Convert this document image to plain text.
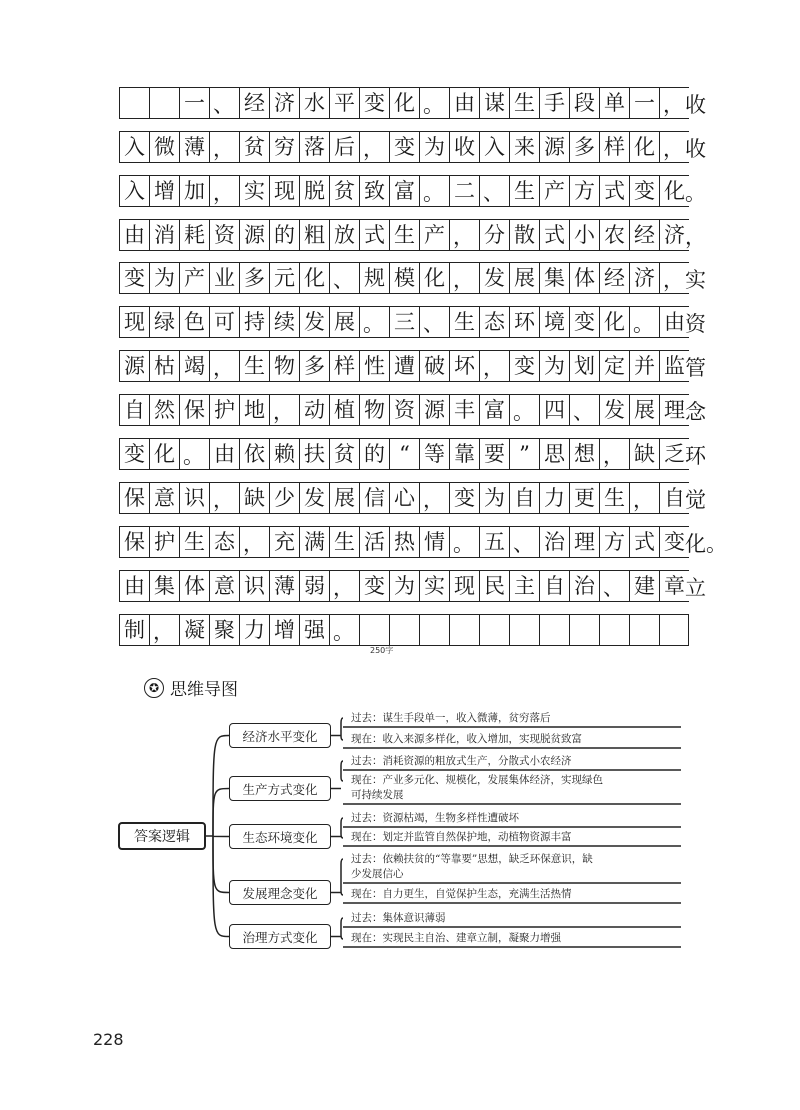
一 、 经 济 水 平 变 化 。 由 谋 生 手 段 单 一 ， 收
入 微 薄 ， 贫 穷 落 后 ， 变 为 收 入 来 源 多 样 化 ， 收
入 增 加 ， 实 现 脱 贫 致 富 。 二 、 生 产 方 式 变 化 。
由 消 耗 资 源 的 粗 放 式 生 产 ， 分 散 式 小 农 经 济 ，
变 为 产 业 多 元 化 、 规 模 化 ， 发 展 集 体 经 济 ， 实
现 绿 色 可 持 续 发 展 。 三 、 生 态 环 境 变 化 。 由 资
源 枯 竭 ， 生 物 多 样 性 遭 破 坏 ， 变 为 划 定 并 监 管
自 然 保 护 地 ， 动 植 物 资 源 丰 富 。 四 、 发 展 理 念
变 化 。 由 依 赖 扶 贫 的 “ 等 靠 要 ” 思 想 ， 缺 乏 环
保 意 识 ， 缺 少 发 展 信 心 ， 变 为 自 力 更 生 ， 自 觉
保 护 生 态 ， 充 满 生 活 热 情 。 五 、 治 理 方 式 变 化。
由 集 体 意 识 薄 弱 ， 变 为 实 现 民 主 自 治 、 建 章 立
制 ， 凝 聚 力 增 强 。
250字
✪ 思维导图
答案逻辑
经济水平变化
过去：谋生手段单一，收入微薄，贫穷落后
现在：收入来源多样化，收入增加，实现脱贫致富
生产方式变化
过去：消耗资源的粗放式生产，分散式小农经济
现在：产业多元化、规模化，发展集体经济，实现绿色
可持续发展
生态环境变化
过去：资源枯竭，生物多样性遭破坏
现在：划定并监管自然保护地，动植物资源丰富
发展理念变化
过去：依赖扶贫的“等靠要”思想，缺乏环保意识，缺
少发展信心
现在：自力更生，自觉保护生态，充满生活热情
治理方式变化
过去：集体意识薄弱
现在：实现民主自治、建章立制，凝聚力增强
228
